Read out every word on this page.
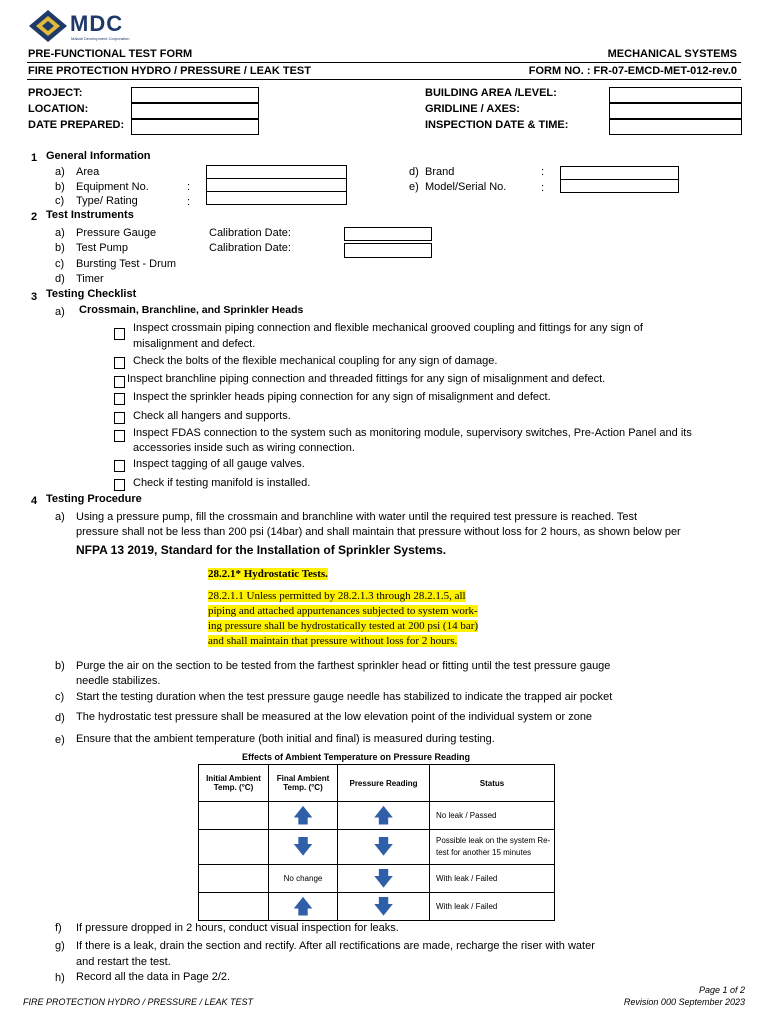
MDC
Makati Development Corporation
PRE-FUNCTIONAL TEST FORM	MECHANICAL SYSTEMS
FIRE PROTECTION HYDRO / PRESSURE / LEAK TEST	FORM NO. : FR-07-EMCD-MET-012-rev.0
PROJECT:
LOCATION:
DATE PREPARED:
BUILDING AREA /LEVEL:
GRIDLINE / AXES:
INSPECTION DATE & TIME:
1 General Information
a) Area
b) Equipment No.	:
c) Type/ Rating	:
d) Brand	:
e) Model/Serial No.	:
2 Test Instruments
a) Pressure Gauge	Calibration Date:
b) Test Pump	Calibration Date:
c) Bursting Test - Drum
d) Timer
3 Testing Checklist
a) Crossmain, Branchline, and Sprinkler Heads
Inspect crossmain piping connection and flexible mechanical grooved coupling and fittings for any sign of
misalignment and defect.
Check the bolts of the flexible mechanical coupling for any sign of damage.
Inspect branchline piping connection and threaded fittings for any sign of misalignment and defect.
Inspect the sprinkler heads piping connection for any sign of misalignment and defect.
Check all hangers and supports.
Inspect FDAS connection to the system such as monitoring module, supervisory switches, Pre-Action Panel and its
accessories inside such as wiring connection.
Inspect tagging of all gauge valves.
Check if testing manifold is installed.
4 Testing Procedure
a) Using a pressure pump, fill the crossmain and branchline with water until the required test pressure is reached. Test
pressure shall not be less than 200 psi (14bar) and shall maintain that pressure without loss for 2 hours, as shown below per
NFPA 13 2019, Standard for the Installation of Sprinkler Systems.
28.2.1* Hydrostatic Tests.
28.2.1.1 Unless permitted by 28.2.1.3 through 28.2.1.5, all
piping and attached appurtenances subjected to system work-
ing pressure shall be hydrostatically tested at 200 psi (14 bar)
and shall maintain that pressure without loss for 2 hours.
b) Purge the air on the section to be tested from the farthest sprinkler head or fitting until the test pressure gauge
needle stabilizes.
c) Start the testing duration when the test pressure gauge needle has stabilized to indicate the trapped air pocket
d) The hydrostatic test pressure shall be measured at the low elevation point of the individual system or zone
e) Ensure that the ambient temperature (both initial and final) is measured during testing.
Effects of Ambient Temperature on Pressure Reading
Initial Ambient Temp. (°C)	Final Ambient Temp. (°C)	Pressure Reading	Status
	🡅	🡅	No leak / Passed
	🡇	🡇	Possible leak on the system Re-test for another 15 minutes
	No change	🡇	With leak / Failed
	🡅	🡇	With leak / Failed
f) If pressure dropped in 2 hours, conduct visual inspection for leaks.
g) If there is a leak, drain the section and rectify. After all rectifications are made, recharge the riser with water
and restart the test.
h) Record all the data in Page 2/2.
FIRE PROTECTION HYDRO / PRESSURE / LEAK TEST
Page 1 of 2
Revision 000 September 2023
